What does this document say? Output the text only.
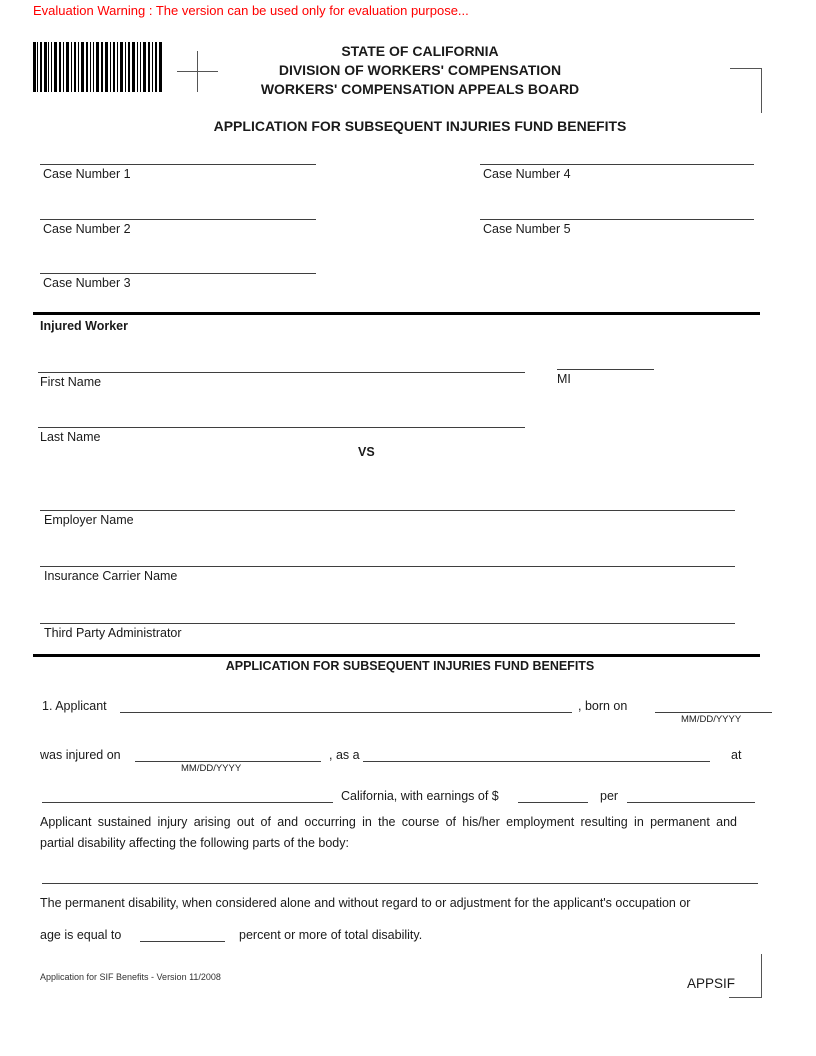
Evaluation Warning : The version can be used only for evaluation purpose...
STATE OF CALIFORNIA
DIVISION OF WORKERS' COMPENSATION
WORKERS' COMPENSATION APPEALS BOARD
APPLICATION FOR SUBSEQUENT INJURIES FUND BENEFITS
Case Number 1
Case Number 2
Case Number 3
Case Number 4
Case Number 5
Injured Worker
First Name	MI
Last Name
VS
Employer Name
Insurance Carrier Name
Third Party Administrator
APPLICATION FOR SUBSEQUENT INJURIES FUND BENEFITS
1. Applicant	, born on
MM/DD/YYYY
was injured on
MM/DD/YYYY
, as a	at
California, with earnings of $	per
Applicant sustained injury arising out of and occurring in the course of his/her employment resulting in permanent and
partial disability affecting the following parts of the body:
The permanent disability, when considered alone and without regard to or adjustment for the applicant's occupation or
age is equal to	percent or more of total disability.
Application for SIF Benefits - Version 11/2008	APPSIF
